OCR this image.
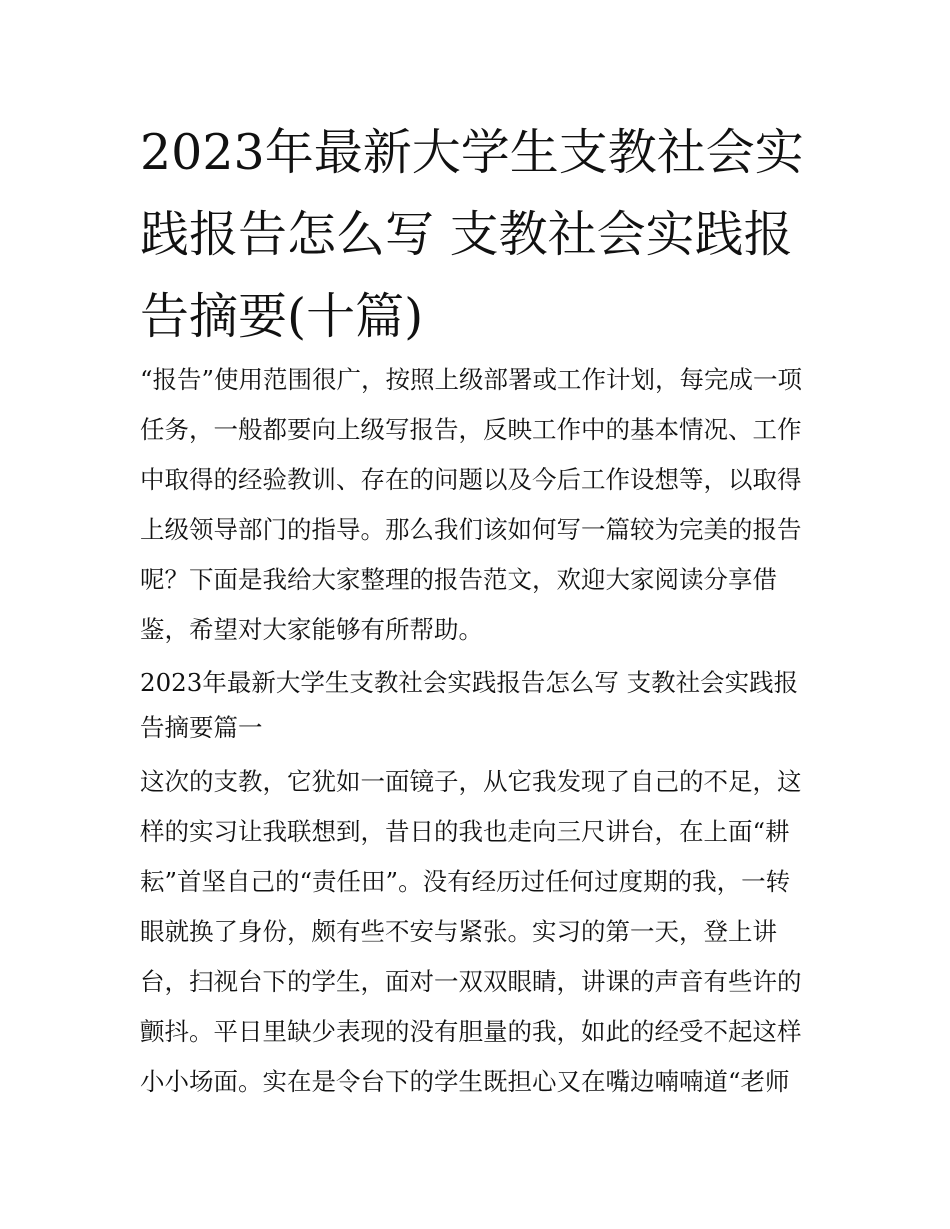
2023年最新大学生支教社会实
践报告怎么写 支教社会实践报
告摘要(十篇)
“报告”使用范围很广，按照上级部署或工作计划，每完成一项
任务，一般都要向上级写报告，反映工作中的基本情况、工作
中取得的经验教训、存在的问题以及今后工作设想等，以取得
上级领导部门的指导。那么我们该如何写一篇较为完美的报告
呢？下面是我给大家整理的报告范文，欢迎大家阅读分享借
鉴，希望对大家能够有所帮助。
2023年最新大学生支教社会实践报告怎么写 支教社会实践报
告摘要篇一
这次的支教，它犹如一面镜子，从它我发现了自己的不足，这
样的实习让我联想到，昔日的我也走向三尺讲台，在上面“耕
耘”首坚自己的“责任田”。没有经历过任何过度期的我，一转
眼就换了身份，颇有些不安与紧张。实习的第一天，登上讲
台，扫视台下的学生，面对一双双眼睛，讲课的声音有些许的
颤抖。平日里缺少表现的没有胆量的我，如此的经受不起这样
小小场面。实在是令台下的学生既担心又在嘴边喃喃道“老师
